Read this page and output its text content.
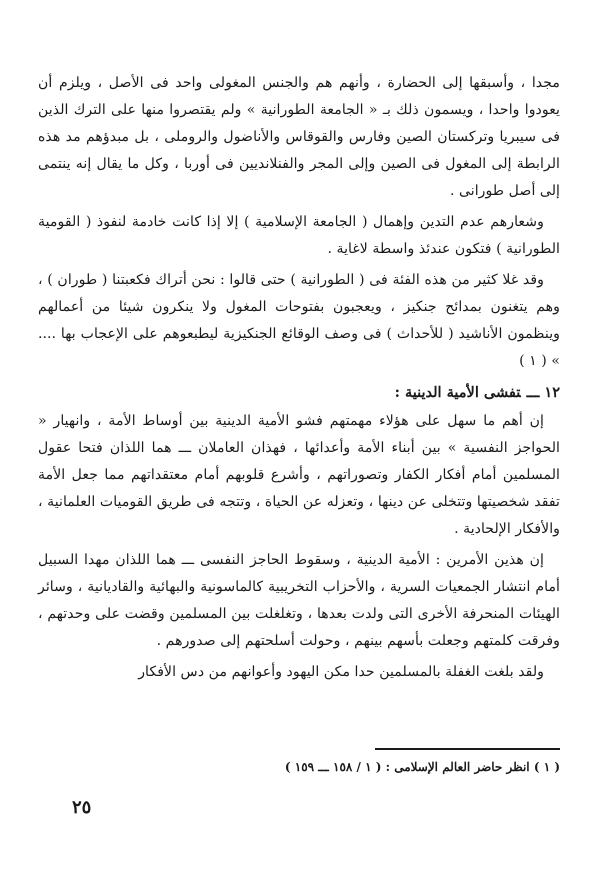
مجدا ، وأسبقها إلى الحضارة ، وأنهم هم والجنس المغولى واحد فى الأصل ، ويلزم أن يعودوا واحدا ، ويسمون ذلك بـ « الجامعة الطورانية » ولم يقتصروا منها على الترك الذين فى سيبريا وتركستان الصين وفارس والقوقاس والأناضول والروملى ، بل مبدؤهم مد هذه الرابطة إلى المغول فى الصين وإلى المجر والفنلانديين فى أوربا ، وكل ما يقال إنه ينتمى إلى أصل طورانى .

وشعارهم عدم التدين وإهمال ( الجامعة الإسلامية ) إلا إذا كانت خادمة لنفوذ ( القومية الطورانية ) فتكون عندئذ واسطة لاغاية .

وقد غلا كثير من هذه الفئة فى ( الطورانية ) حتى قالوا : نحن أتراك فكعبتنا ( طوران ) ، وهم يتغنون بمدائح جنكيز ، ويعجبون بفتوحات المغول ولا ينكرون شيئا من أعمالهم وينظمون الأناشيد ( للأحداث ) فى وصف الوقائع الجنكيزية ليطبعوهم على الإعجاب بها .... » ( ١ )

١٢ ـــتفشى الأمية الدينية :

إن أهم ما سهل على هؤلاء مهمتهم فشو الأمية الدينية بين أوساط الأمة ، وانهيار « الحواجز النفسية » بين أبناء الأمة وأعدائها ، فهذان العاملان ـــ هما اللذان فتحا عقول المسلمين أمام أفكار الكفار وتصوراتهم ، وأشرع قلوبهم أمام معتقداتهم مما جعل الأمة تفقد شخصيتها وتتخلى عن دينها ، وتعزله عن الحياة ، وتتجه فى طريق القوميات العلمانية ، والأفكار الإلحادية .

إن هذين الأمرين : الأمية الدينية ، وسقوط الحاجز النفسى ـــ هما اللذان مهدا السبيل أمام انتشار الجمعيات السرية ، والأحزاب التخريبية كالماسونية والبهائية والقاديانية ، وسائر الهيئات المنحرفة الأخرى التى ولدت بعدها ، وتغلغلت بين المسلمين وقضت على وحدتهم ، وفرقت كلمتهم وجعلت بأسهم بينهم ، وحولت أسلحتهم إلى صدورهم .

ولقد بلغت الغفلة بالمسلمين حدا مكن اليهود وأعوانهم من دس الأفكار

( ١ ) انظر حاضر العالم الإسلامى : ( ١ / ١٥٨ ـــ ١٥٩ )
٢٥
